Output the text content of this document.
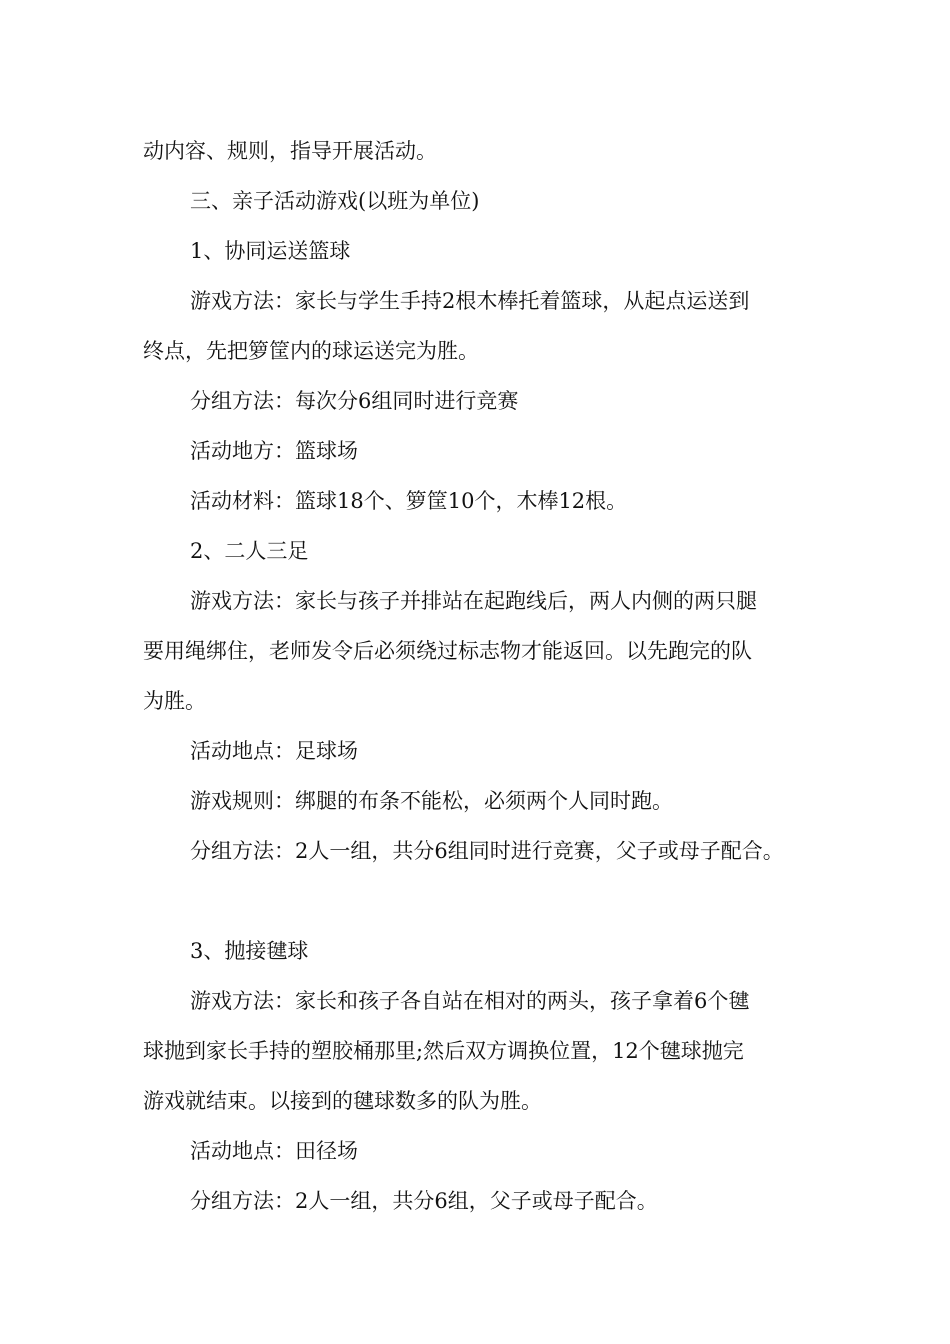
动内容、规则，指导开展活动。
三、亲子活动游戏(以班为单位)
1、协同运送篮球
游戏方法：家长与学生手持2根木棒托着篮球，从起点运送到
终点，先把箩筐内的球运送完为胜。
分组方法：每次分6组同时进行竞赛
活动地方：篮球场
活动材料：篮球18个、箩筐10个，木棒12根。
2、二人三足
游戏方法：家长与孩子并排站在起跑线后，两人内侧的两只腿
要用绳绑住，老师发令后必须绕过标志物才能返回。以先跑完的队
为胜。
活动地点：足球场
游戏规则：绑腿的布条不能松，必须两个人同时跑。
分组方法：2人一组，共分6组同时进行竞赛，父子或母子配合。
3、抛接毽球
游戏方法：家长和孩子各自站在相对的两头，孩子拿着6个毽
球抛到家长手持的塑胶桶那里;然后双方调换位置，12个毽球抛完
游戏就结束。以接到的毽球数多的队为胜。
活动地点：田径场
分组方法：2人一组，共分6组，父子或母子配合。
